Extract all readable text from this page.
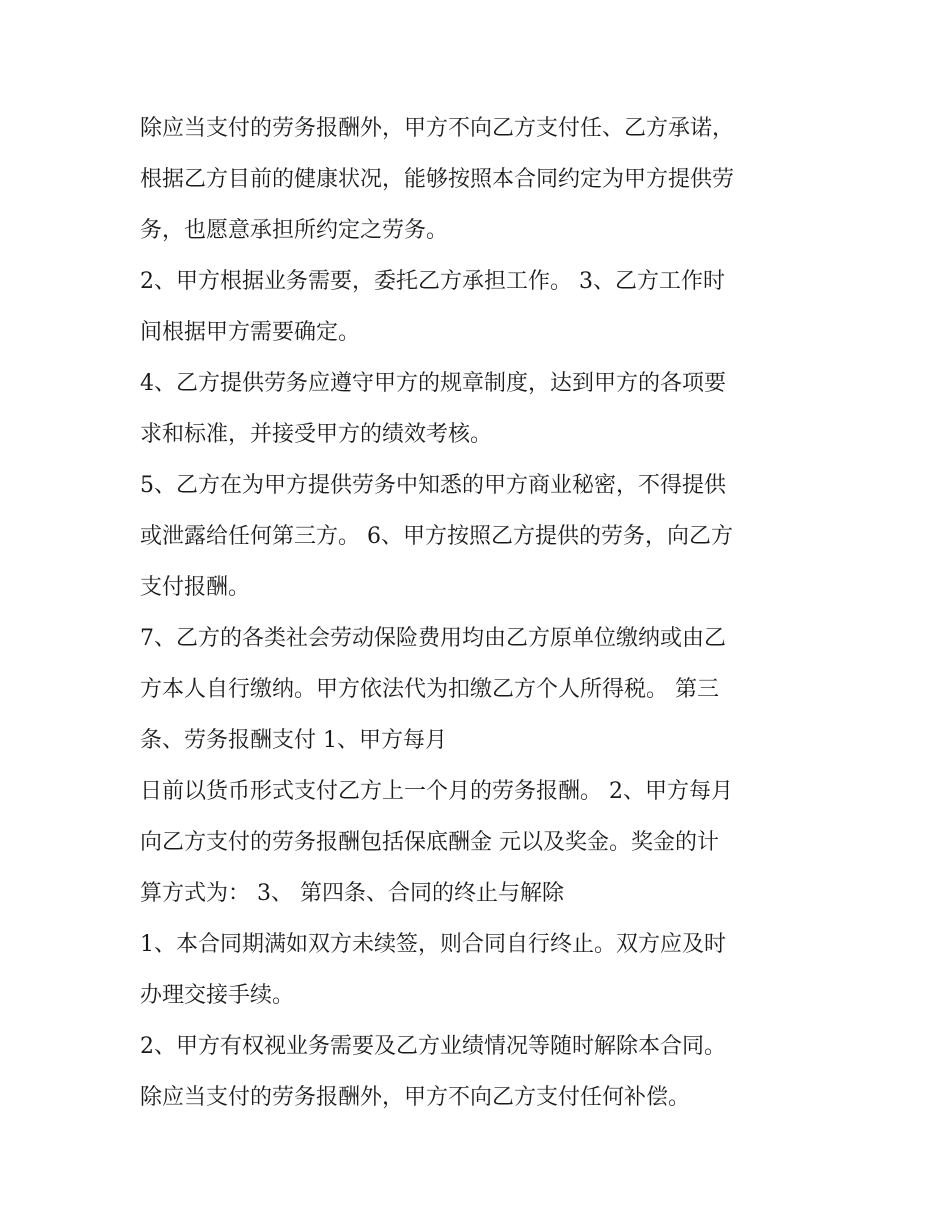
除应当支付的劳务报酬外，甲方不向乙方支付任、乙方承诺，
根据乙方目前的健康状况，能够按照本合同约定为甲方提供劳
务，也愿意承担所约定之劳务。
2、甲方根据业务需要，委托乙方承担工作。 3、乙方工作时
间根据甲方需要确定。
4、乙方提供劳务应遵守甲方的规章制度，达到甲方的各项要
求和标准，并接受甲方的绩效考核。
5、乙方在为甲方提供劳务中知悉的甲方商业秘密，不得提供
或泄露给任何第三方。 6、甲方按照乙方提供的劳务，向乙方
支付报酬。
7、乙方的各类社会劳动保险费用均由乙方原单位缴纳或由乙
方本人自行缴纳。甲方依法代为扣缴乙方个人所得税。 第三
条、劳务报酬支付 1、甲方每月
日前以货币形式支付乙方上一个月的劳务报酬。 2、甲方每月
向乙方支付的劳务报酬包括保底酬金 元以及奖金。奖金的计
算方式为： 3、 第四条、合同的终止与解除
1、本合同期满如双方未续签，则合同自行终止。双方应及时
办理交接手续。
2、甲方有权视业务需要及乙方业绩情况等随时解除本合同。
除应当支付的劳务报酬外，甲方不向乙方支付任何补偿。
